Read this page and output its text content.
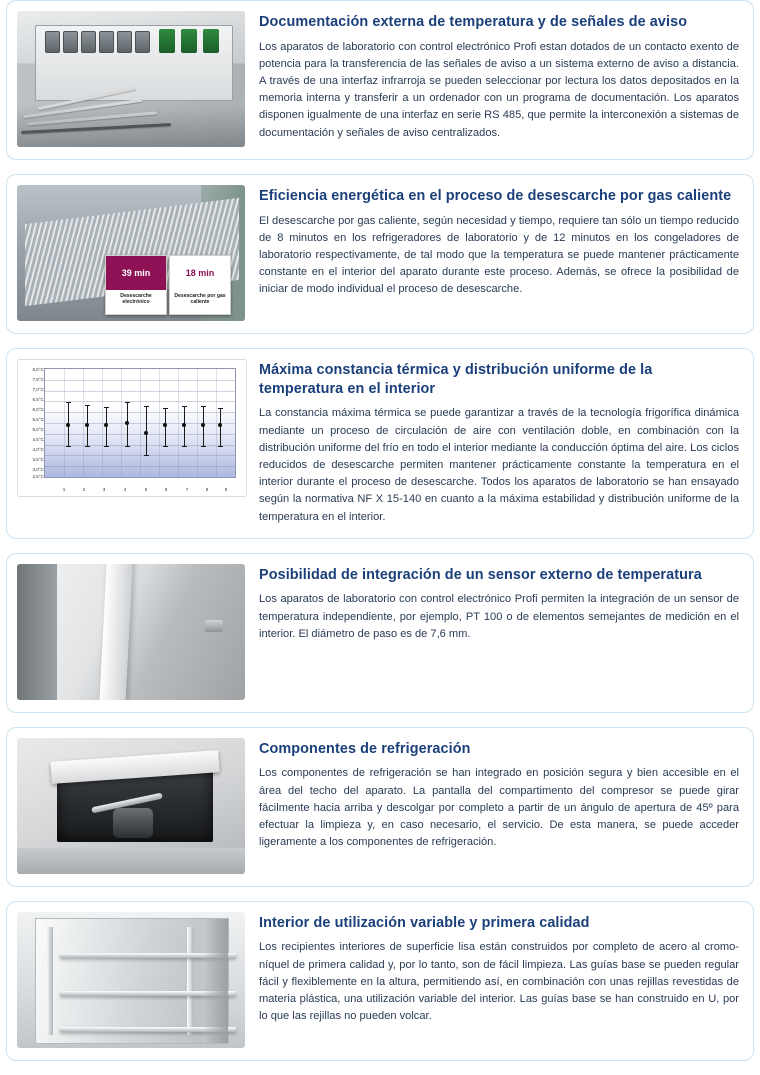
Documentación externa de temperatura y de señales de aviso

Los aparatos de laboratorio con control electrónico Profi estan dotados de un contacto exento de potencia para la transferencia de las señales de aviso a un sistema externo de aviso a distancia. A través de una interfaz infrarroja se pueden seleccionar por lectura los datos depositados en la memoria interna y transferir a un ordenador con un programa de documentación. Los aparatos disponen igualmente de una interfaz en serie RS 485, que permite la interconexión a sistemas de documentación y señales de aviso centralizados.

39 min
Desescarche electrónico
18 min
Desescarche por gas caliente
Eficiencia energética en el proceso de desescarche por gas caliente

El desescarche por gas caliente, según necesidad y tiempo, requiere tan sólo un tiempo reducido de 8 minutos en los refrigeradores de laboratorio y de 12 minutos en los congeladores de laboratorio respectivamente, de tal modo que la temperatura se puede mantener prácticamente constante en el interior del aparato durante este proceso. Además, se ofrece la posibilidad de iniciar de modo individual el proceso de desescarche.

8,0°C
7,5°C
7,0°C
6,5°C
6,0°C
5,5°C
5,0°C
4,5°C
4,0°C
3,5°C
3,0°C
2,5°C
1	2	3	4	5	6	7	8	9
Máxima constancia térmica y distribución uniforme de la temperatura en el interior

La constancia máxima térmica se puede garantizar a través de la tecnología frigorífica dinámica mediante un proceso de circulación de aire con ventilación doble, en combinación con la distribución uniforme del frío en todo el interior mediante la conducción óptima del aire. Los ciclos reducidos de desescarche permiten mantener prácticamente constante la temperatura en el interior durante el proceso de desescarche. Todos los aparatos de laboratorio se han ensayado según la normativa NF X 15-140 en cuanto a la máxima estabilidad y distribución uniforme de la temperatura en el interior.

Posibilidad de integración de un sensor externo de temperatura

Los aparatos de laboratorio con control electrónico Profi permiten la integración de un sensor de temperatura independiente, por ejemplo, PT 100 o de elementos semejantes de medición en el interior. El diámetro de paso es de 7,6 mm.

Componentes de refrigeración

Los componentes de refrigeración se han integrado en posición segura y bien accesible en el área del techo del aparato. La pantalla del compartimento del compresor se puede girar fácilmente hacia arriba y descolgar por completo a partir de un ángulo de apertura de 45º para efectuar la limpieza y, en caso necesario, el servicio. De esta manera, se puede acceder ligeramente a los componentes de refrigeración.

Interior de utilización variable y primera calidad

Los recipientes interiores de superficie lisa están construidos por completo de acero al cromo-níquel de primera calidad y, por lo tanto, son de fácil limpieza. Las guías base se pueden regular fácil y flexiblemente en la altura, permitiendo así, en combinación con unas rejillas revestidas de materia plástica, una utilización variable del interior. Las guías base se han construido en U, por lo que las rejillas no pueden volcar.
